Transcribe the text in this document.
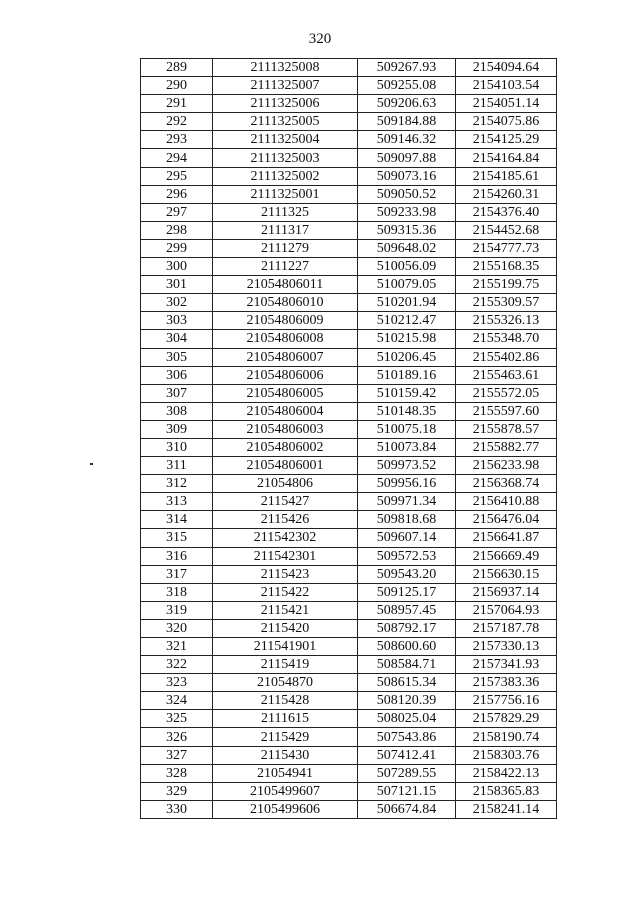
320
289	2111325008	509267.93	2154094.64
290	2111325007	509255.08	2154103.54
291	2111325006	509206.63	2154051.14
292	2111325005	509184.88	2154075.86
293	2111325004	509146.32	2154125.29
294	2111325003	509097.88	2154164.84
295	2111325002	509073.16	2154185.61
296	2111325001	509050.52	2154260.31
297	2111325	509233.98	2154376.40
298	2111317	509315.36	2154452.68
299	2111279	509648.02	2154777.73
300	2111227	510056.09	2155168.35
301	21054806011	510079.05	2155199.75
302	21054806010	510201.94	2155309.57
303	21054806009	510212.47	2155326.13
304	21054806008	510215.98	2155348.70
305	21054806007	510206.45	2155402.86
306	21054806006	510189.16	2155463.61
307	21054806005	510159.42	2155572.05
308	21054806004	510148.35	2155597.60
309	21054806003	510075.18	2155878.57
310	21054806002	510073.84	2155882.77
311	21054806001	509973.52	2156233.98
312	21054806	509956.16	2156368.74
313	2115427	509971.34	2156410.88
314	2115426	509818.68	2156476.04
315	211542302	509607.14	2156641.87
316	211542301	509572.53	2156669.49
317	2115423	509543.20	2156630.15
318	2115422	509125.17	2156937.14
319	2115421	508957.45	2157064.93
320	2115420	508792.17	2157187.78
321	211541901	508600.60	2157330.13
322	2115419	508584.71	2157341.93
323	21054870	508615.34	2157383.36
324	2115428	508120.39	2157756.16
325	2111615	508025.04	2157829.29
326	2115429	507543.86	2158190.74
327	2115430	507412.41	2158303.76
328	21054941	507289.55	2158422.13
329	2105499607	507121.15	2158365.83
330	2105499606	506674.84	2158241.14
